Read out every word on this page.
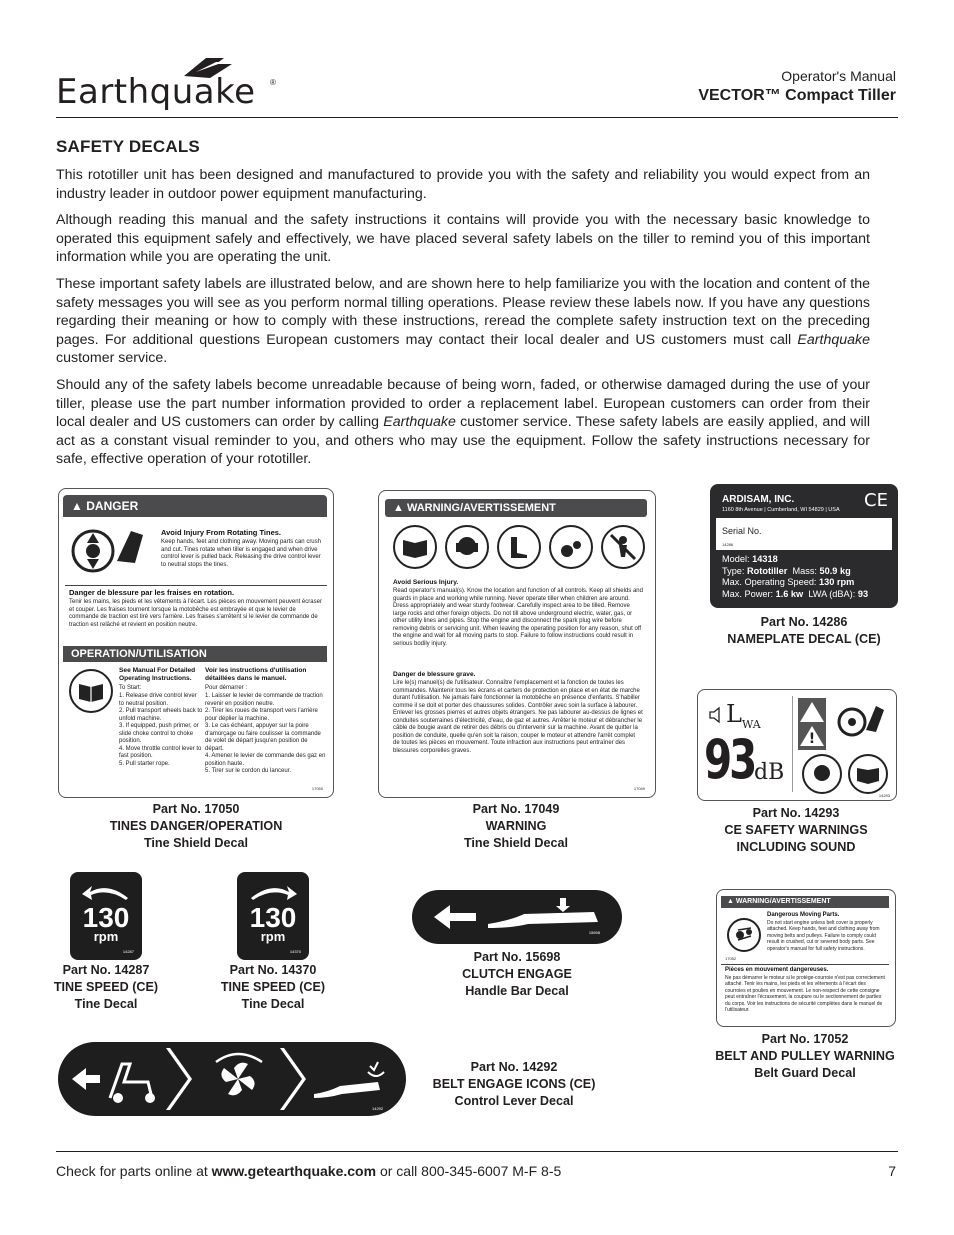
Earthquake ®	Operator's Manual
VECTOR™ Compact Tiller
SAFETY DECALS

This rototiller unit has been designed and manufactured to provide you with the safety and reliability you would expect from an industry leader in outdoor power equipment manufacturing.

Although reading this manual and the safety instructions it contains will provide you with the necessary basic knowledge to operated this equipment safely and effectively, we have placed several safety labels on the tiller to remind you of this important information while you are operating the unit.

These important safety labels are illustrated below, and are shown here to help familiarize you with the location and content of the safety messages you will see as you perform normal tilling operations. Please review these labels now. If you have any questions regarding their meaning or how to comply with these instructions, reread the complete safety instruction text on the preceding pages. For additional questions European customers may contact their local dealer and US customers must call Earthquake customer service.

Should any of the safety labels become unreadable because of being worn, faded, or otherwise damaged during the use of your tiller, please use the part number information provided to order a replacement label. European customers can order from their local dealer and US customers can order by calling Earthquake customer service. These safety labels are easily applied, and will act as a constant visual reminder to you, and others who may use the equipment. Follow the safety instructions necessary for safe, effective operation of your rototiller.

▲ DANGER
Avoid Injury From Rotating Tines.
Keep hands, feet and clothing away. Moving parts can crush and cut. Tines rotate when tiller is engaged and when drive control lever is pulled back. Releasing the drive control lever to neutral stops the tines.
Danger de blessure par les fraises en rotation.
Tenir les mains, les pieds et les vêtements à l'écart. Les pièces en mouvement peuvent écraser et couper. Les fraises tournent lorsque la motobêche est embrayée et que le levier de commande de traction est tiré vers l'arrière. Les fraises s'arrêtent si le levier de commande de traction est relâché et revient en position neutre.
OPERATION/UTILISATION
See Manual For Detailed Operating Instructions.
To Start:
1. Release drive control lever to neutral position.
2. Pull transport wheels back to unfold machine.
3. If equipped, push primer, or slide choke control to choke position.
4. Move throttle control lever to fast position.
5. Pull starter rope.
Voir les instructions d'utilisation détaillées dans le manuel.
Pour démarrer :
1. Laisser le levier de commande de traction revenir en position neutre.
2. Tirer les roues de transport vers l'arrière pour déplier la machine.
3. Le cas échéant, appuyer sur la poire d'amorçage ou faire coulisser la commande de volet de départ jusqu'en position de départ.
4. Amener le levier de commande des gaz en position haute.
5. Tirer sur le cordon du lanceur.
17050
Part No. 17050
TINES DANGER/OPERATION
Tine Shield Decal
▲ WARNING/AVERTISSEMENT
Avoid Serious Injury.
Read operator's manual(s). Know the location and function of all controls. Keep all shields and guards in place and working while running. Never operate tiller when children are around. Dress appropriately and wear sturdy footwear. Carefully inspect area to be tilled. Remove large rocks and other foreign objects. Do not till above underground electric, water, gas, or other utility lines and pipes. Stop the engine and disconnect the spark plug wire before removing debris or servicing unit. When leaving the operating position for any reason, shut off the engine and wait for all moving parts to stop. Failure to follow instructions could result in serious bodily injury.
Danger de blessure grave.
Lire le(s) manuel(s) de l'utilisateur. Connaître l'emplacement et la fonction de toutes les commandes. Maintenir tous les écrans et carters de protection en place et en état de marche durant l'utilisation. Ne jamais faire fonctionner la motobêche en présence d'enfants. S'habiller comme il se doit et porter des chaussures solides. Contrôler avec soin la surface à labourer. Enlever les grosses pierres et autres objets étrangers. Ne pas labourer au-dessus de lignes et conduites souterraines d'électricité, d'eau, de gaz et autres. Arrêter le moteur et débrancher le câble de bougie avant de retirer des débris ou d'intervenir sur la machine. Avant de quitter la position de conduite, quelle qu'en soit la raison, couper le moteur et attendre l'arrêt complet de toutes les pièces en mouvement. Toute infraction aux instructions peut entraîner des blessures corporelles graves.
17049
Part No. 17049
WARNING
Tine Shield Decal
ARDISAM, INC.
1160 8th Avenue | Cumberland, WI 54829 | USA CE
Serial No.
14286
Model: 14318
Type: Rototiller Mass: 50.9 kg
Max. Operating Speed: 130 rpm
Max. Power: 1.6 kw LWA (dBA): 93
Part No. 14286
NAMEPLATE DECAL (CE)
$L_{WA}$
93 dB
!
14293
Part No. 14293
CE SAFETY WARNINGS
INCLUDING SOUND
130
rpm
14287
Part No. 14287
TINE SPEED (CE)
Tine Decal
130
rpm
14370
Part No. 14370
TINE SPEED (CE)
Tine Decal
15698
Part No. 15698
CLUTCH ENGAGE
Handle Bar Decal
▲ WARNING/AVERTISSEMENT
Dangerous Moving Parts.
Do not start engine unless belt cover is properly attached. Keep hands, feet and clothing away from moving belts and pulleys. Failure to comply could result in crushed, cut or severed body parts. See operator's manual for full safety instructions.
Pièces en mouvement dangereuses.
Ne pas démarrer le moteur si le protège-courroie n'est pas correctement attaché. Tenir les mains, les pieds et les vêtements à l'écart des courroies et poulies en mouvement. Le non-respect de cette consigne peut entraîner l'écrasement, la coupure ou le sectionnement de parties du corps. Voir les instructions de sécurité complètes dans le manuel de l'utilisateur.
17052
Part No. 17052
BELT AND PULLEY WARNING
Belt Guard Decal
14292
Part No. 14292
BELT ENGAGE ICONS (CE)
Control Lever Decal
Check for parts online at www.getearthquake.com or call 800-345-6007 M-F 8-5	7
